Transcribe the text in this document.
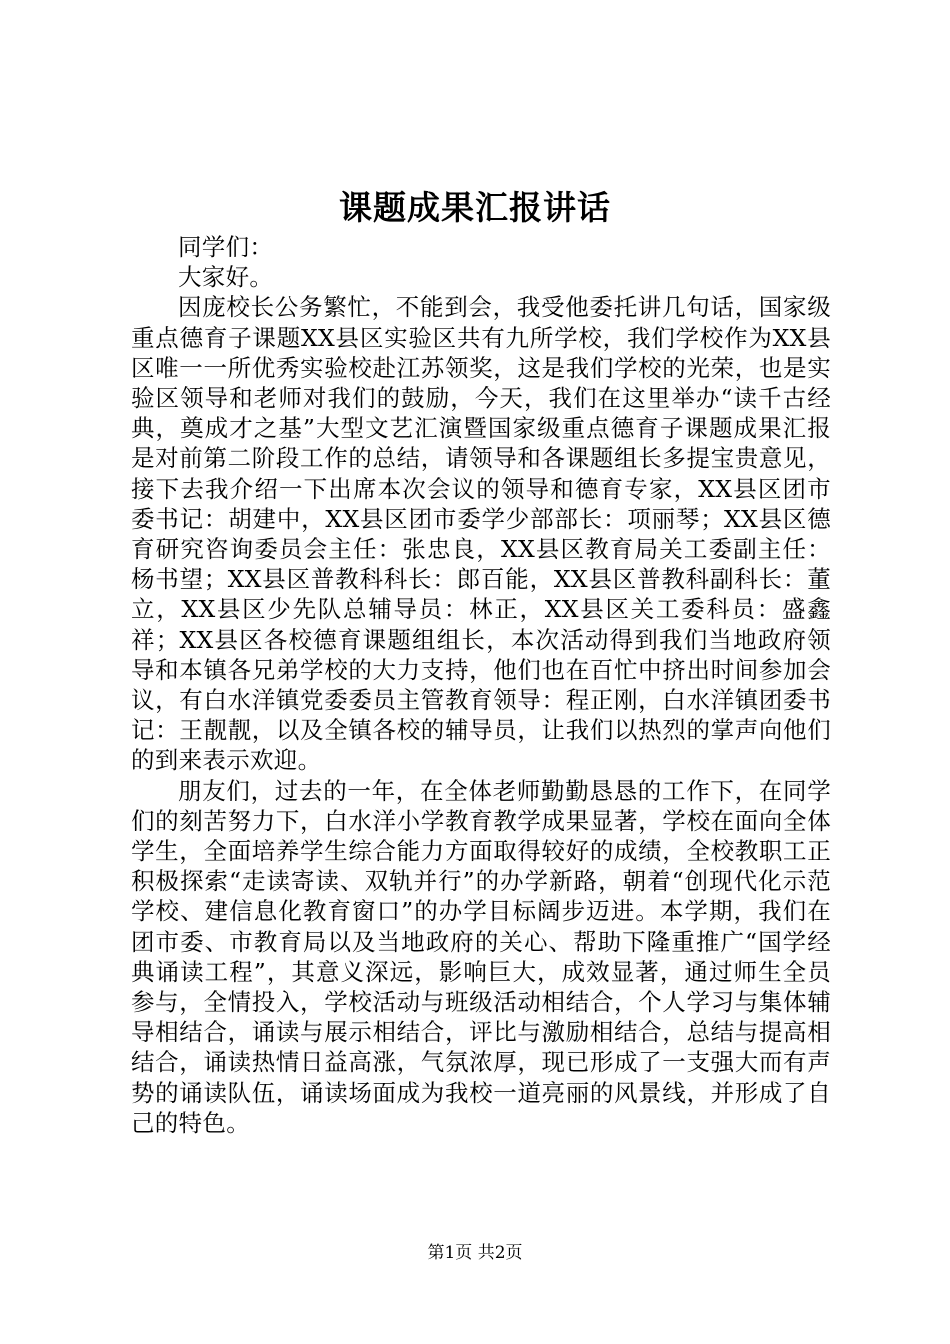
课题成果汇报讲话

同学们：

大家好。

因庞校长公务繁忙，不能到会，我受他委托讲几句话，国家级重点德育子课题XX县区实验区共有九所学校，我们学校作为XX县区唯一一所优秀实验校赴江苏领奖，这是我们学校的光荣，也是实验区领导和老师对我们的鼓励，今天，我们在这里举办“读千古经典，奠成才之基”大型文艺汇演暨国家级重点德育子课题成果汇报是对前第二阶段工作的总结，请领导和各课题组长多提宝贵意见，接下去我介绍一下出席本次会议的领导和德育专家，XX县区团市委书记：胡建中，XX县区团市委学少部部长：项丽琴；XX县区德育研究咨询委员会主任：张忠良，XX县区教育局关工委副主任：杨书望；XX县区普教科科长：郎百能，XX县区普教科副科长：董立，XX县区少先队总辅导员：林正，XX县区关工委科员：盛鑫祥；XX县区各校德育课题组组长，本次活动得到我们当地政府领导和本镇各兄弟学校的大力支持，他们也在百忙中挤出时间参加会议，有白水洋镇党委委员主管教育领导：程正刚，白水洋镇团委书记：王靓靓，以及全镇各校的辅导员，让我们以热烈的掌声向他们的到来表示欢迎。

朋友们，过去的一年，在全体老师勤勤恳恳的工作下，在同学们的刻苦努力下，白水洋小学教育教学成果显著，学校在面向全体学生，全面培养学生综合能力方面取得较好的成绩，全校教职工正积极探索“走读寄读、双轨并行”的办学新路，朝着“创现代化示范学校、建信息化教育窗口”的办学目标阔步迈进。本学期，我们在团市委、市教育局以及当地政府的关心、帮助下隆重推广“国学经典诵读工程”，其意义深远，影响巨大，成效显著，通过师生全员参与，全情投入，学校活动与班级活动相结合，个人学习与集体辅导相结合，诵读与展示相结合，评比与激励相结合，总结与提高相结合，诵读热情日益高涨，气氛浓厚，现已形成了一支强大而有声势的诵读队伍，诵读场面成为我校一道亮丽的风景线，并形成了自己的特色。

第1页 共2页
